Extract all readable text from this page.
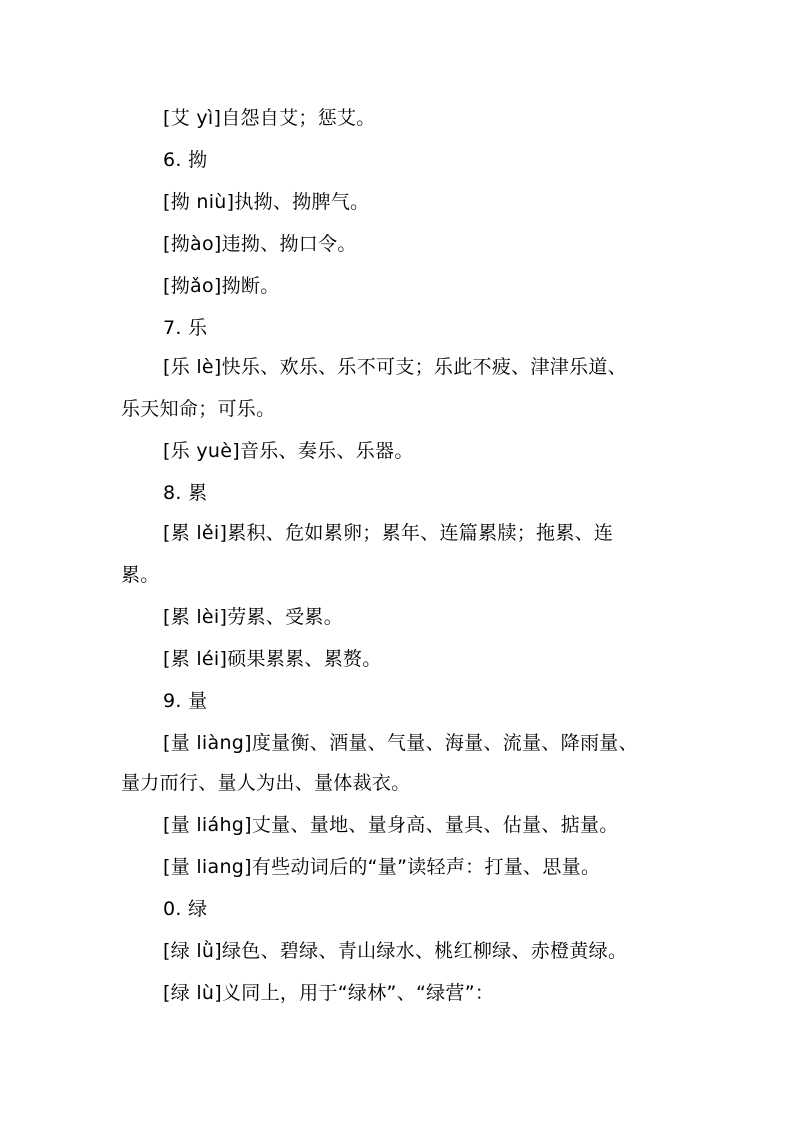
[艾 yì]自怨自艾；惩艾。
6. 拗
[拗 niù]执拗、拗脾气。
[拗ào]违拗、拗口令。
[拗ǎo]拗断。
7. 乐
[乐 lè]快乐、欢乐、乐不可支；乐此不疲、津津乐道、
乐天知命；可乐。
[乐 yuè]音乐、奏乐、乐器。
8. 累
[累 lěi]累积、危如累卵；累年、连篇累牍；拖累、连
累。
[累 lèi]劳累、受累。
[累 léi]硕果累累、累赘。
9. 量
[量 liàng]度量衡、酒量、气量、海量、流量、降雨量、
量力而行、量人为出、量体裁衣。
[量 liáhg]丈量、量地、量身高、量具、估量、掂量。
[量 liang]有些动词后的“量”读轻声：打量、思量。
0. 绿
[绿 lǜ]绿色、碧绿、青山绿水、桃红柳绿、赤橙黄绿。
[绿 lù]义同上，用于“绿林”、“绿营”：
